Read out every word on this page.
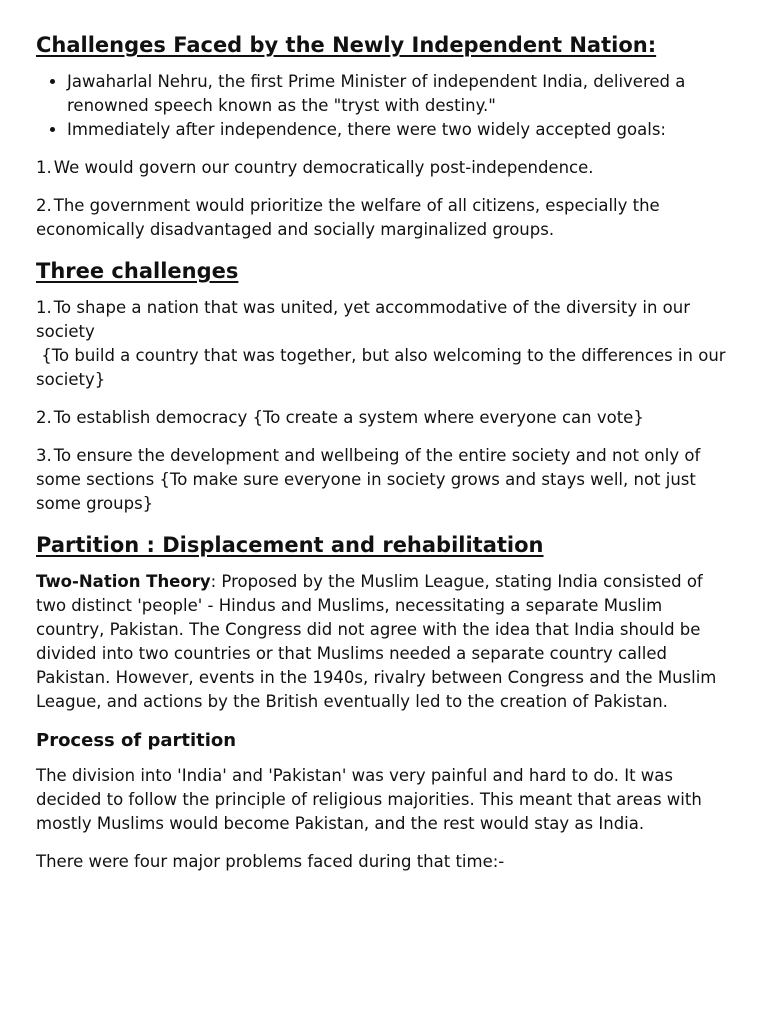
Challenges Faced by the Newly Independent Nation:
• Jawaharlal Nehru, the first Prime Minister of independent India, delivered a renowned speech known as the "tryst with destiny."
• Immediately after independence, there were two widely accepted goals:

1. We would govern our country democratically post-independence.

2. The government would prioritize the welfare of all citizens, especially the economically disadvantaged and socially marginalized groups.

Three challenges

1. To shape a nation that was united, yet accommodative of the diversity in our society
{To build a country that was together, but also welcoming to the differences in our society}

2. To establish democracy {To create a system where everyone can vote}

3. To ensure the development and wellbeing of the entire society and not only of some sections {To make sure everyone in society grows and stays well, not just some groups}

Partition : Displacement and rehabilitation

Two-Nation Theory: Proposed by the Muslim League, stating India consisted of two distinct 'people' - Hindus and Muslims, necessitating a separate Muslim country, Pakistan. The Congress did not agree with the idea that India should be divided into two countries or that Muslims needed a separate country called Pakistan. However, events in the 1940s, rivalry between Congress and the Muslim League, and actions by the British eventually led to the creation of Pakistan.

Process of partition

The division into 'India' and 'Pakistan' was very painful and hard to do. It was decided to follow the principle of religious majorities. This meant that areas with mostly Muslims would become Pakistan, and the rest would stay as India.

There were four major problems faced during that time:-
